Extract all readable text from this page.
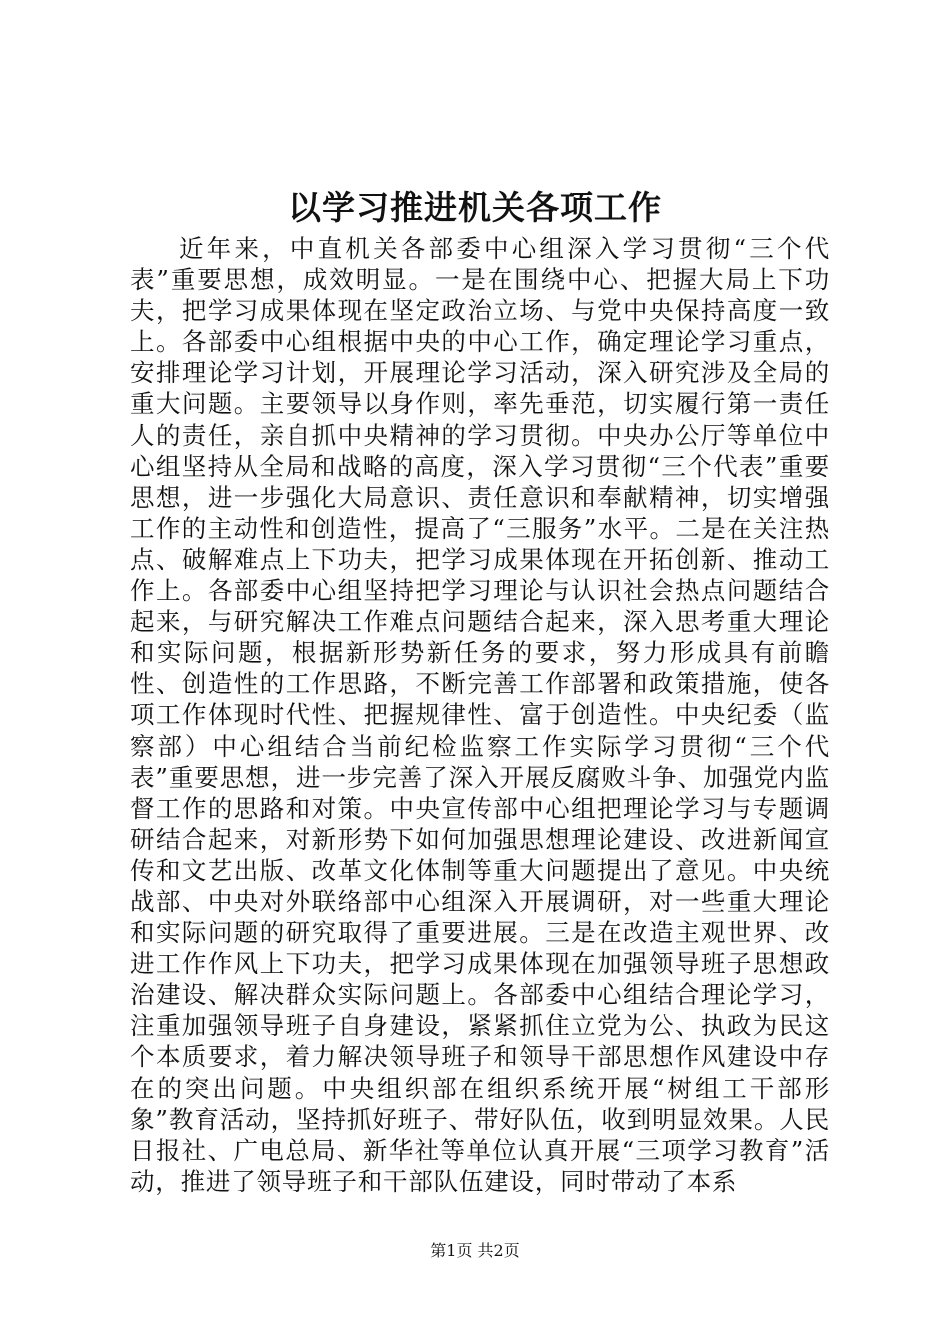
以学习推进机关各项工作

近年来，中直机关各部委中心组深入学习贯彻“三个代表”重要思想，成效明显。一是在围绕中心、把握大局上下功夫，把学习成果体现在坚定政治立场、与党中央保持高度一致上。各部委中心组根据中央的中心工作，确定理论学习重点，安排理论学习计划，开展理论学习活动，深入研究涉及全局的重大问题。主要领导以身作则，率先垂范，切实履行第一责任人的责任，亲自抓中央精神的学习贯彻。中央办公厅等单位中心组坚持从全局和战略的高度，深入学习贯彻“三个代表”重要思想，进一步强化大局意识、责任意识和奉献精神，切实增强工作的主动性和创造性，提高了“三服务”水平。二是在关注热点、破解难点上下功夫，把学习成果体现在开拓创新、推动工作上。各部委中心组坚持把学习理论与认识社会热点问题结合起来，与研究解决工作难点问题结合起来，深入思考重大理论和实际问题，根据新形势新任务的要求，努力形成具有前瞻性、创造性的工作思路，不断完善工作部署和政策措施，使各项工作体现时代性、把握规律性、富于创造性。中央纪委（监察部）中心组结合当前纪检监察工作实际学习贯彻“三个代表”重要思想，进一步完善了深入开展反腐败斗争、加强党内监督工作的思路和对策。中央宣传部中心组把理论学习与专题调研结合起来，对新形势下如何加强思想理论建设、改进新闻宣传和文艺出版、改革文化体制等重大问题提出了意见。中央统战部、中央对外联络部中心组深入开展调研，对一些重大理论和实际问题的研究取得了重要进展。三是在改造主观世界、改进工作作风上下功夫，把学习成果体现在加强领导班子思想政治建设、解决群众实际问题上。各部委中心组结合理论学习，注重加强领导班子自身建设，紧紧抓住立党为公、执政为民这个本质要求，着力解决领导班子和领导干部思想作风建设中存在的突出问题。中央组织部在组织系统开展“树组工干部形象”教育活动，坚持抓好班子、带好队伍，收到明显效果。人民日报社、广电总局、新华社等单位认真开展“三项学习教育”活动，推进了领导班子和干部队伍建设，同时带动了本系

第1页 共2页
